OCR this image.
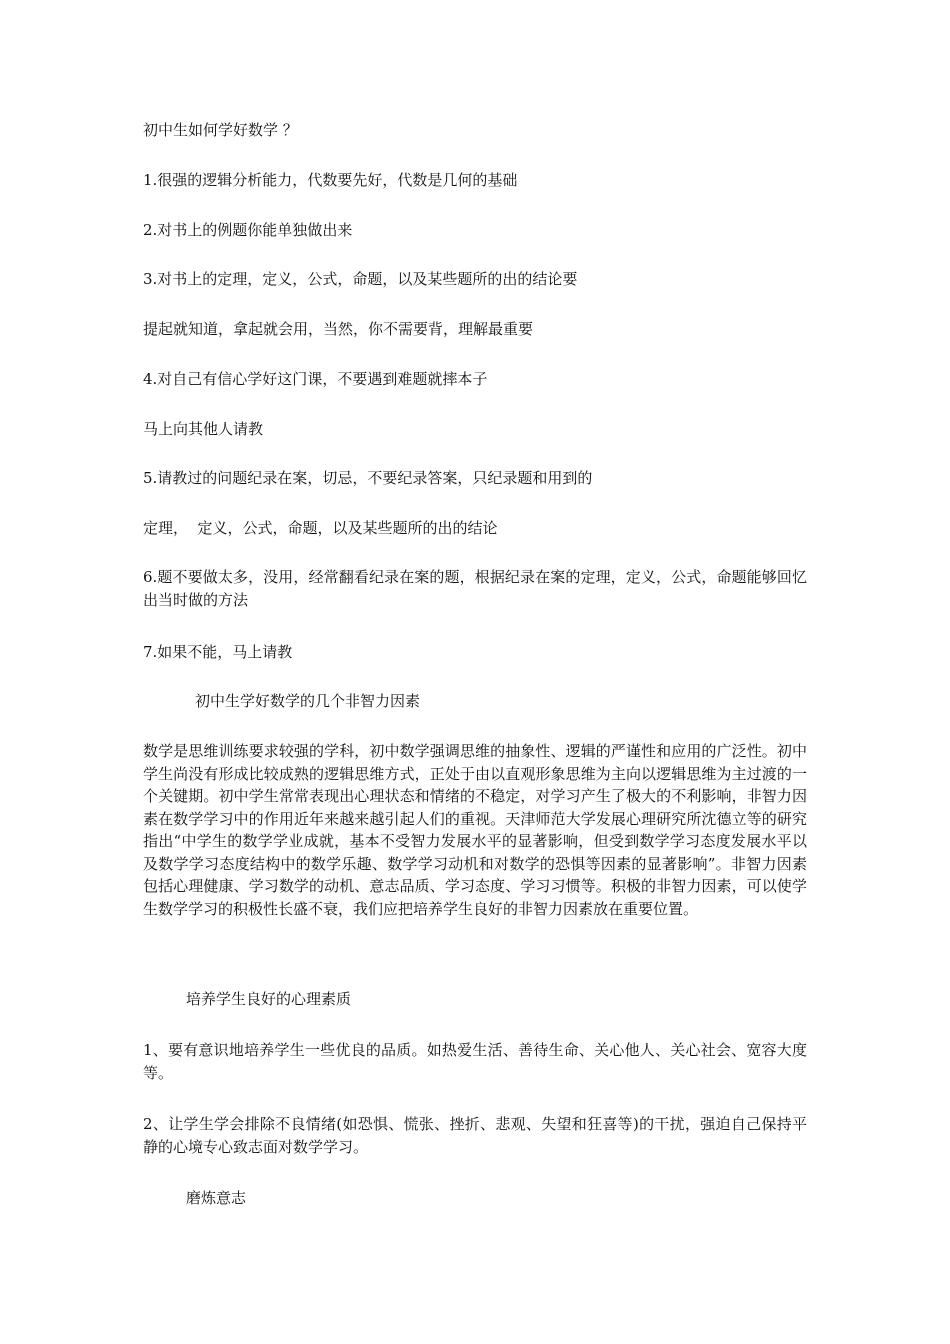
初中生如何学好数学 ？
1.很强的逻辑分析能力，代数要先好，代数是几何的基础
2.对书上的例题你能单独做出来
3.对书上的定理，定义，公式，命题，以及某些题所的出的结论要
提起就知道，拿起就会用，当然，你不需要背，理解最重要
4.对自己有信心学好这门课，不要遇到难题就摔本子
马上向其他人请教
5.请教过的问题纪录在案，切忌，不要纪录答案，只纪录题和用到的
定理，  定义，公式，命题，以及某些题所的出的结论
6.题不要做太多，没用，经常翻看纪录在案的题，根据纪录在案的定理，定义，公式，命题能够回忆出当时做的方法
7.如果不能，马上请教
初中生学好数学的几个非智力因素
数学是思维训练要求较强的学科，初中数学强调思维的抽象性、逻辑的严谨性和应用的广泛性。初中学生尚没有形成比较成熟的逻辑思维方式，正处于由以直观形象思维为主向以逻辑思维为主过渡的一个关键期。初中学生常常表现出心理状态和情绪的不稳定，对学习产生了极大的不利影响，非智力因素在数学学习中的作用近年来越来越引起人们的重视。天津师范大学发展心理研究所沈德立等的研究指出“中学生的数学学业成就，基本不受智力发展水平的显著影响，但受到数学学习态度发展水平以及数学学习态度结构中的数学乐趣、数学学习动机和对数学的恐惧等因素的显著影响”。非智力因素包括心理健康、学习数学的动机、意志品质、学习态度、学习习惯等。积极的非智力因素，可以使学生数学学习的积极性长盛不衰，我们应把培养学生良好的非智力因素放在重要位置。
培养学生良好的心理素质
1、要有意识地培养学生一些优良的品质。如热爱生活、善待生命、关心他人、关心社会、宽容大度等。
2、让学生学会排除不良情绪(如恐惧、慌张、挫折、悲观、失望和狂喜等)的干扰，强迫自己保持平静的心境专心致志面对数学学习。
磨炼意志
